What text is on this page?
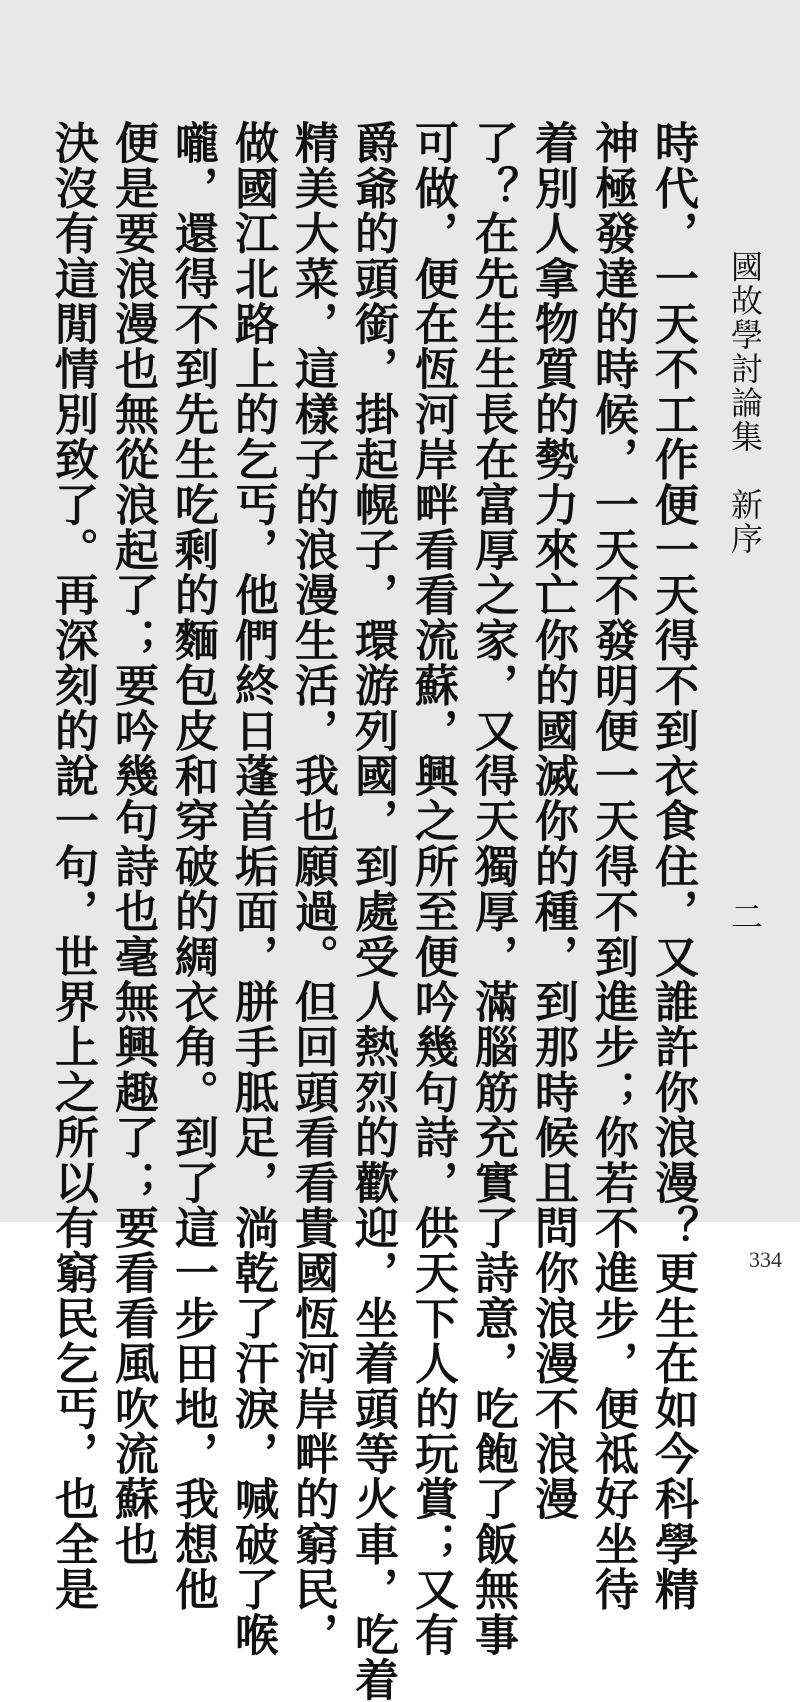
國故學討論集　新序
二
時代，一天不工作便一天得不到衣食住，又誰許你浪漫？更生在如今科學精
神極發達的時候，一天不發明便一天得不到進步；你若不進步，便祗好坐待
着別人拿物質的勢力來亡你的國滅你的種，到那時候且問你浪漫不浪漫
了？在先生生長在富厚之家，又得天獨厚，滿腦筋充實了詩意，吃飽了飯無事
可做，便在恆河岸畔看看流蘇，興之所至便吟幾句詩，供天下人的玩賞；又有
爵爺的頭銜，掛起幌子，環游列國，到處受人熱烈的歡迎，坐着頭等火車，吃着
精美大菜，這樣子的浪漫生活，我也願過。但回頭看看貴國恆河岸畔的窮民，
做國江北路上的乞丐，他們終日蓬首垢面，胼手胝足，淌乾了汗淚，喊破了喉
嚨，還得不到先生吃剩的麵包皮和穿破的綢衣角。到了這一步田地，我想他
便是要浪漫也無從浪起了；要吟幾句詩也毫無興趣了；要看看風吹流蘇也
決沒有這閒情別致了。再深刻的說一句，世界上之所以有窮民乞丐，也全是	334
